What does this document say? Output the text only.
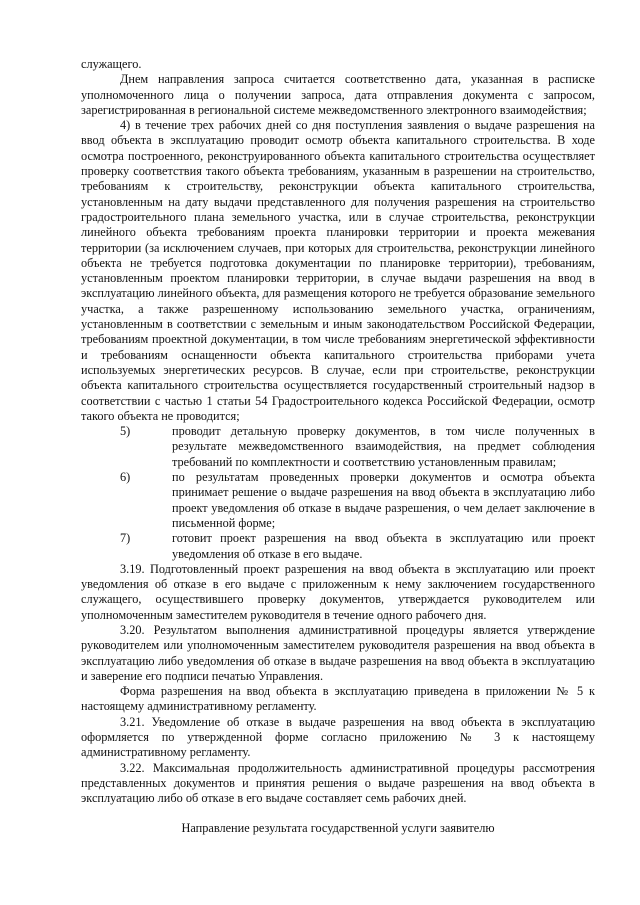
служащего.

Днем направления запроса считается соответственно дата, указанная в расписке уполномоченного лица о получении запроса, дата отправления документа с запросом, зарегистрированная в региональной системе межведомственного электронного взаимодействия;

4) в течение трех рабочих дней со дня поступления заявления о выдаче разрешения на ввод объекта в эксплуатацию проводит осмотр объекта капитального строительства. В ходе осмотра построенного, реконструированного объекта капитального строительства осуществляет проверку соответствия такого объекта требованиям, указанным в разрешении на строительство, требованиям к строительству, реконструкции объекта капитального строительства, установленным на дату выдачи представленного для получения разрешения на строительство градостроительного плана земельного участка, или в случае строительства, реконструкции линейного объекта требованиям проекта планировки территории и проекта межевания территории (за исключением случаев, при которых для строительства, реконструкции линейного объекта не требуется подготовка документации по планировке территории), требованиям, установленным проектом планировки территории, в случае выдачи разрешения на ввод в эксплуатацию линейного объекта, для размещения которого не требуется образование земельного участка, а также разрешенному использованию земельного участка, ограничениям, установленным в соответствии с земельным и иным законодательством Российской Федерации, требованиям проектной документации, в том числе требованиям энергетической эффективности и требованиям оснащенности объекта капитального строительства приборами учета используемых энергетических ресурсов. В случае, если при строительстве, реконструкции объекта капитального строительства осуществляется государственный строительный надзор в соответствии с частью 1 статьи 54 Градостроительного кодекса Российской Федерации, осмотр такого объекта не проводится;

5)	проводит детальную проверку документов, в том числе полученных в результате межведомственного взаимодействия, на предмет соблюдения требований по комплектности и соответствию установленным правилам;
6)	по результатам проведенных проверки документов и осмотра объекта принимает решение о выдаче разрешения на ввод объекта в эксплуатацию либо проект уведомления об отказе в выдаче разрешения, о чем делает заключение в письменной форме;
7)	готовит проект разрешения на ввод объекта в эксплуатацию или проект уведомления об отказе в его выдаче.

3.19. Подготовленный проект разрешения на ввод объекта в эксплуатацию или проект уведомления об отказе в его выдаче с приложенным к нему заключением государственного служащего, осуществившего проверку документов, утверждается руководителем или уполномоченным заместителем руководителя в течение одного рабочего дня.

3.20. Результатом выполнения административной процедуры является утверждение руководителем или уполномоченным заместителем руководителя разрешения на ввод объекта в эксплуатацию либо уведомления об отказе в выдаче разрешения на ввод объекта в эксплуатацию и заверение его подписи печатью Управления.

Форма разрешения на ввод объекта в эксплуатацию приведена в приложении № 5 к настоящему административному регламенту.

3.21. Уведомление об отказе в выдаче разрешения на ввод объекта в эксплуатацию оформляется по утвержденной форме согласно приложению № 3 к настоящему административному регламенту.

3.22. Максимальная продолжительность административной процедуры рассмотрения представленных документов и принятия решения о выдаче разрешения на ввод объекта в эксплуатацию либо об отказе в его выдаче составляет семь рабочих дней.

Направление результата государственной услуги заявителю
